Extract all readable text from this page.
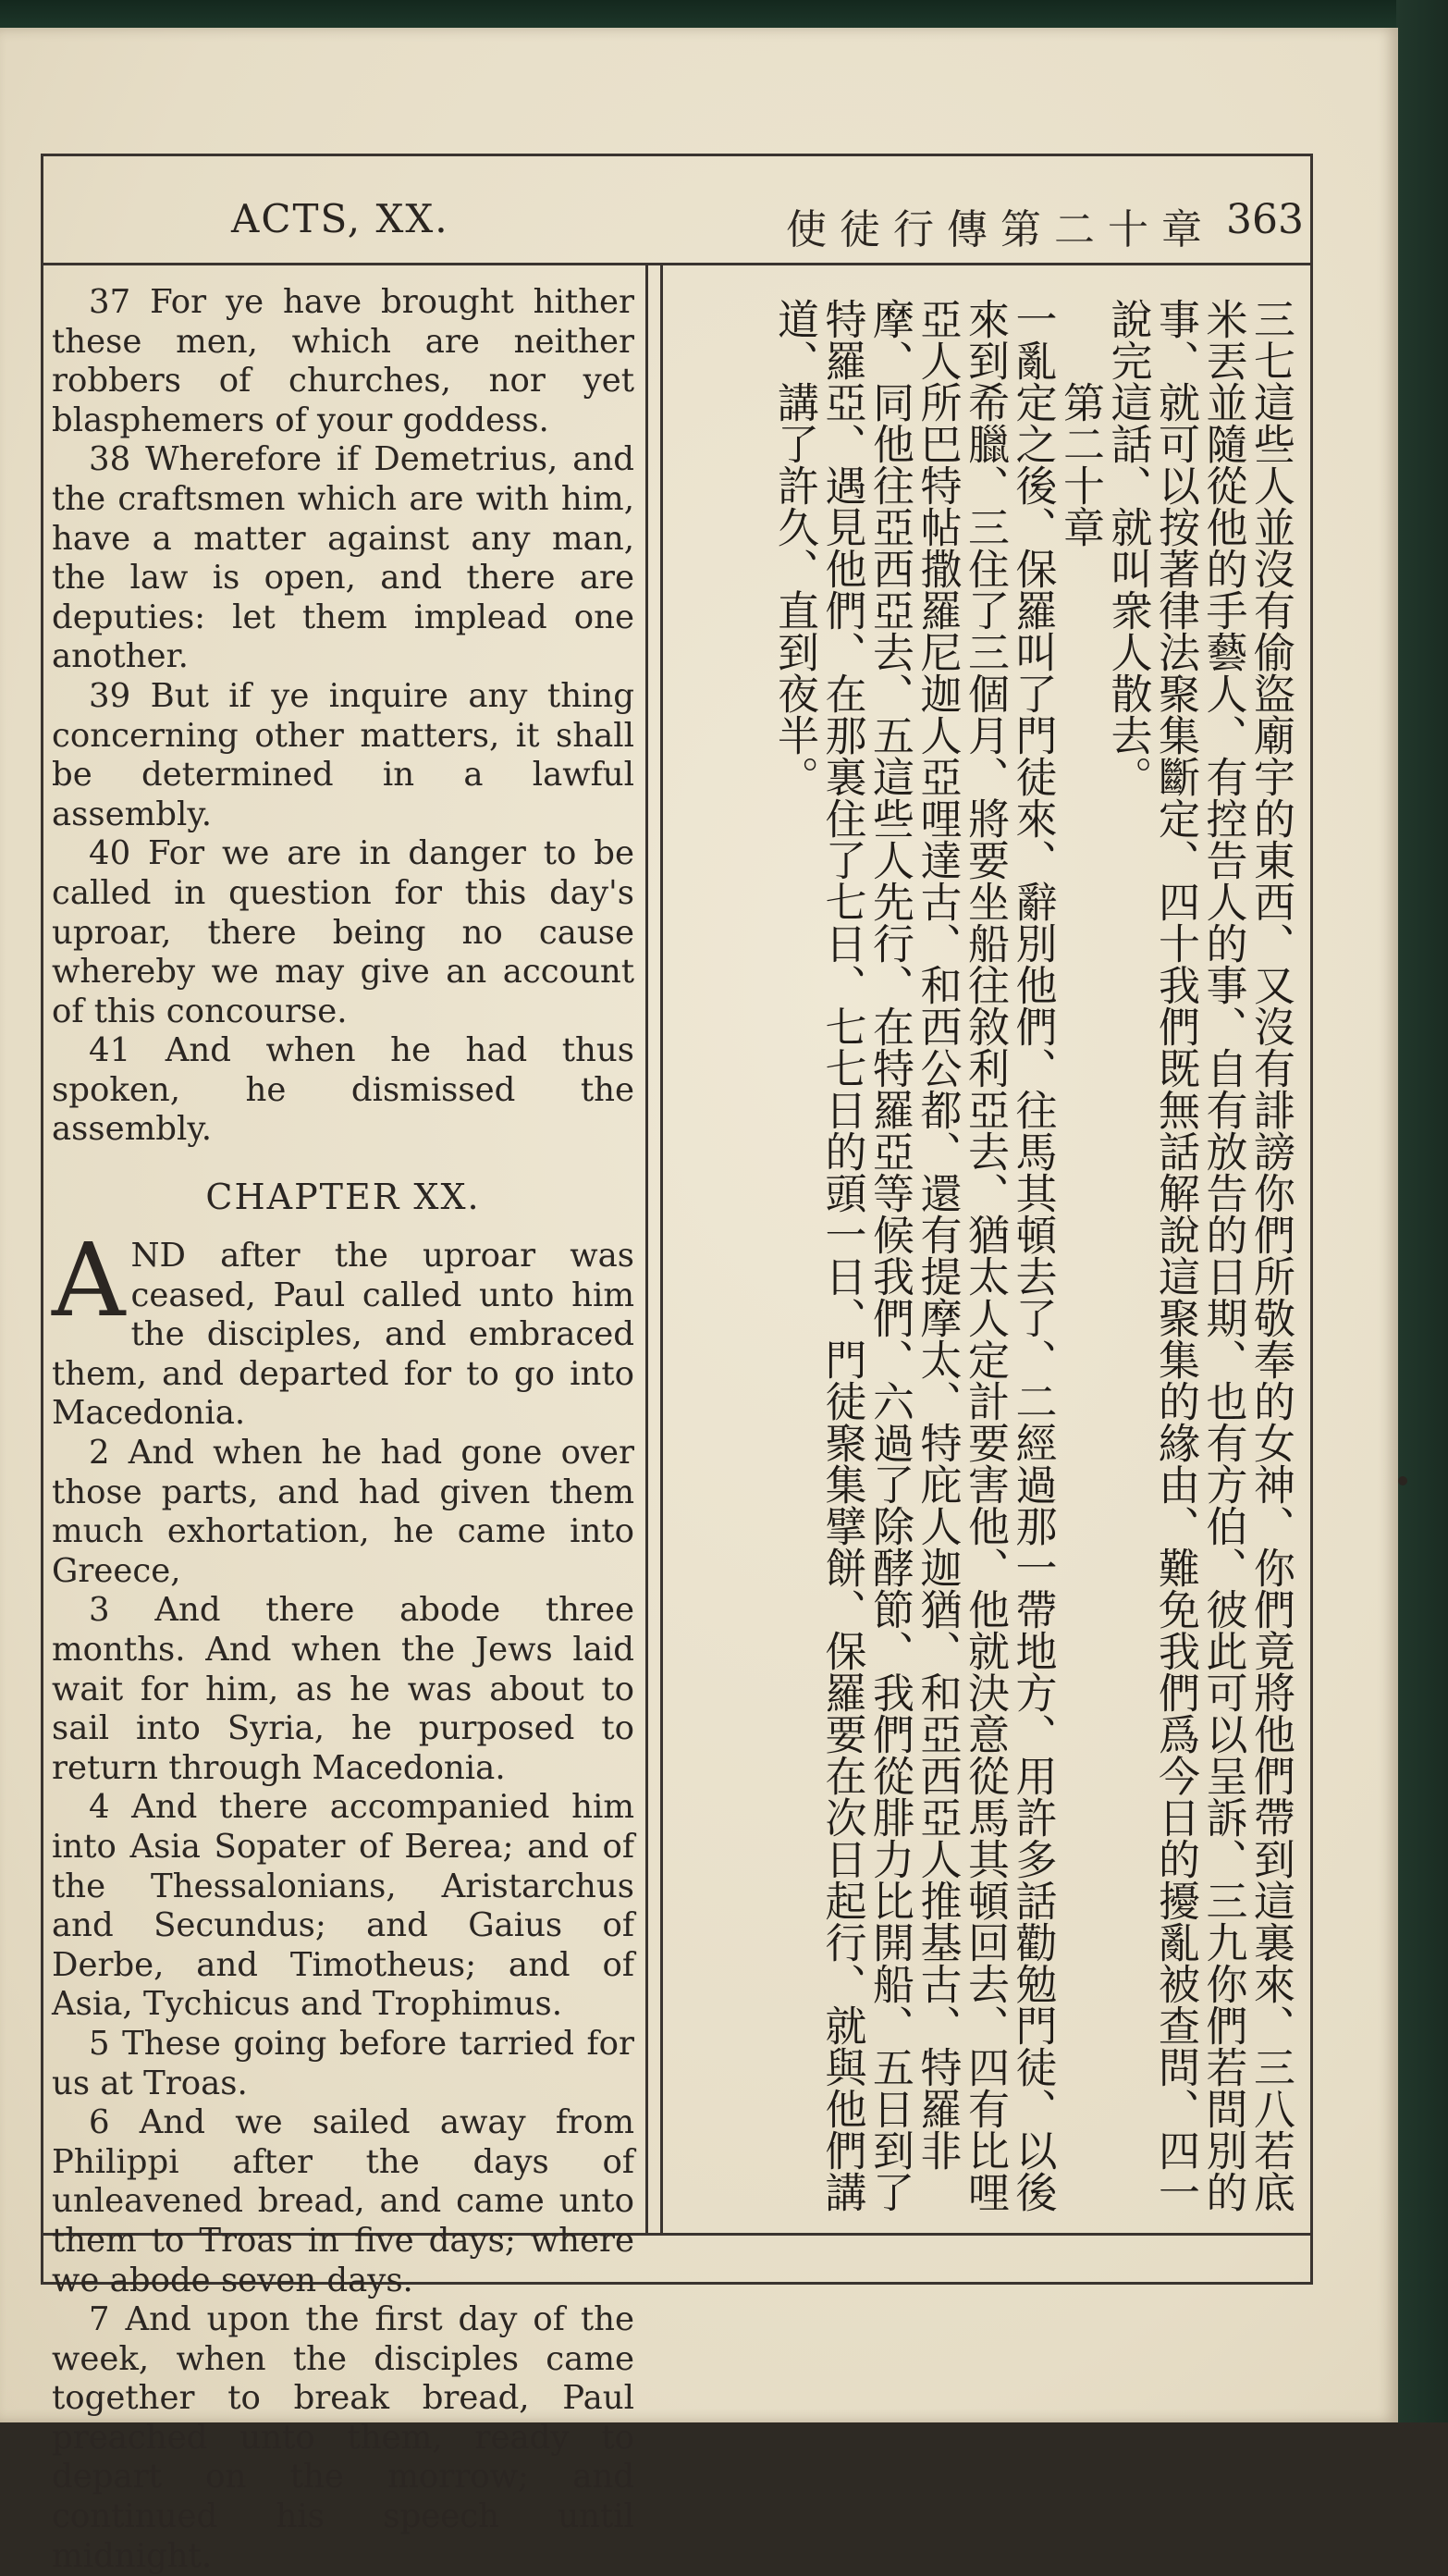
ACTS, XX.	使徒行傳第二十章 363

37 For ye have brought hither these men, which are neither robbers of churches, nor yet blasphemers of your goddess.

38 Wherefore if Demetrius, and the craftsmen which are with him, have a matter against any man, the law is open, and there are deputies: let them implead one another.

39 But if ye inquire any thing concerning other matters, it shall be determined in a lawful assembly.

40 For we are in danger to be called in question for this day's uproar, there being no cause whereby we may give an account of this concourse.

41 And when he had thus spoken, he dismissed the assembly.

CHAPTER XX.

AND after the uproar was ceased, Paul called unto him the disciples, and embraced them, and departed for to go into Macedonia.

2 And when he had gone over those parts, and had given them much exhortation, he came into Greece,

3 And there abode three months. And when the Jews laid wait for him, as he was about to sail into Syria, he purposed to return through Macedonia.

4 And there accompanied him into Asia Sopater of Berea; and of the Thessalonians, Aristarchus and Secundus; and Gaius of Derbe, and Timotheus; and of Asia, Tychicus and Trophimus.

5 These going before tarried for us at Troas.

6 And we sailed away from Philippi after the days of unleavened bread, and came unto them to Troas in five days; where we abode seven days.

7 And upon the first day of the week, when the disciples came together to break bread, Paul preached unto them, ready to depart on the morrow; and continued his speech until midnight.

三七這些人並沒有偷盜廟宇的東西、又沒有誹謗你們所敬奉的女神、你們竟將他們帶到這裏來、三八若底米丟並隨從他的手藝人、有控告人的事、自有放告的日期、也有方伯、彼此可以呈訴、三九你們若問別的事、就可以按著律法聚集斷定、四十我們既無話解說這聚集的緣由、難免我們爲今日的擾亂被查問、四一說完這話、就叫衆人散去。

第二十章

一亂定之後、保羅叫了門徒來、辭別他們、往馬其頓去了、二經過那一帶地方、用許多話勸勉門徒、以後來到希臘、三住了三個月、將要坐船往敘利亞去、猶太人定計要害他、他就決意從馬其頓回去、四有比哩亞人所巴特帖撒羅尼迦人亞哩達古、和西公都、還有提摩太、特庇人迦猶、和亞西亞人推基古、特羅非摩、同他往亞西亞去、五這些人先行、在特羅亞等候我們、六過了除酵節、我們從腓力比開船、五日到了特羅亞、遇見他們、在那裏住了七日、七七日的頭一日、門徒聚集擘餅、保羅要在次日起行、就與他們講道、講了許久、直到夜半。
